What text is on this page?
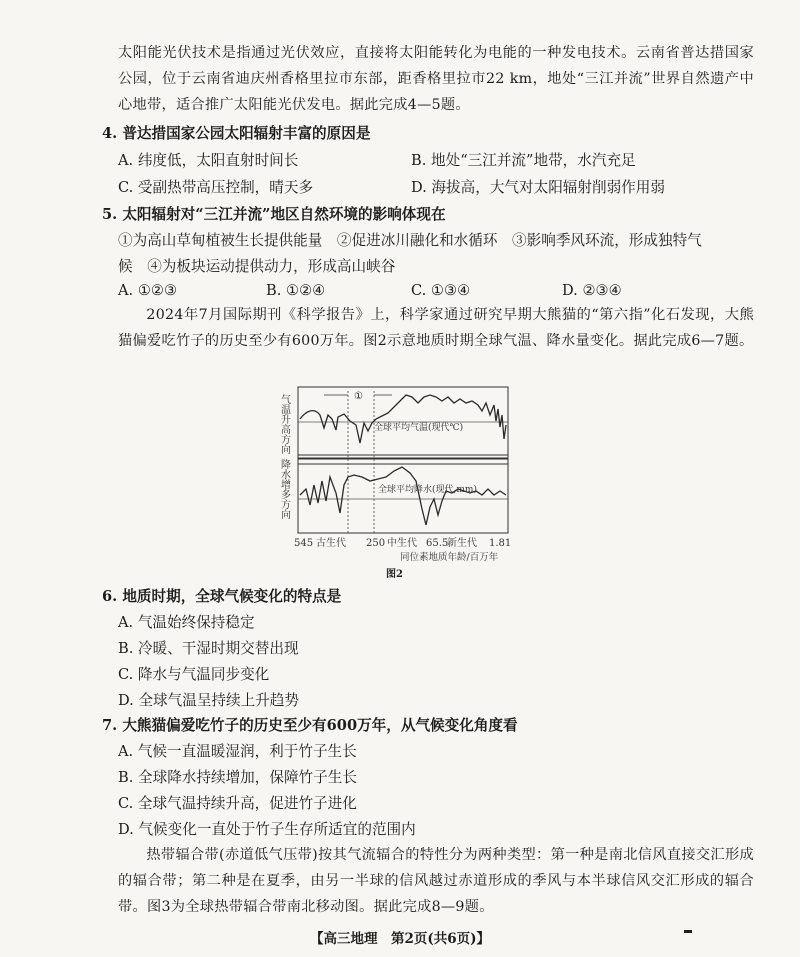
太阳能光伏技术是指通过光伏效应，直接将太阳能转化为电能的一种发电技术。云南省普达措国家公园，位于云南省迪庆州香格里拉市东部，距香格里拉市22 km，地处“三江并流”世界自然遗产中心地带，适合推广太阳能光伏发电。据此完成4—5题。
4. 普达措国家公园太阳辐射丰富的原因是
A. 纬度低，太阳直射时间长	B. 地处“三江并流”地带，水汽充足
C. 受副热带高压控制，晴天多	D. 海拔高，大气对太阳辐射削弱作用弱
5. 太阳辐射对“三江并流”地区自然环境的影响体现在
①为高山草甸植被生长提供能量　②促进冰川融化和水循环　③影响季风环流，形成独特气
候　④为板块运动提供动力，形成高山峡谷
A. ①②③	B. ①②④	C. ①③④	D. ②③④
2024年7月国际期刊《科学报告》上，科学家通过研究早期大熊猫的“第六指”化石发现，大熊猫偏爱吃竹子的历史至少有600万年。图2示意地质时期全球气温、降水量变化。据此完成6—7题。
气温升高方向
降水增多方向
①
全球平均气温(现代℃)
全球平均降水(现代,mm)
545 古生代 250 中生代 65.5
新生代 1.81
同位素地质年龄/百万年
图2
6. 地质时期，全球气候变化的特点是
A. 气温始终保持稳定
B. 冷暖、干湿时期交替出现
C. 降水与气温同步变化
D. 全球气温呈持续上升趋势
7. 大熊猫偏爱吃竹子的历史至少有600万年，从气候变化角度看
A. 气候一直温暖湿润，利于竹子生长
B. 全球降水持续增加，保障竹子生长
C. 全球气温持续升高，促进竹子进化
D. 气候变化一直处于竹子生存所适宜的范围内
热带辐合带(赤道低气压带)按其气流辐合的特性分为两种类型：第一种是南北信风直接交汇形成的辐合带；第二种是在夏季，由另一半球的信风越过赤道形成的季风与本半球信风交汇形成的辐合带。图3为全球热带辐合带南北移动图。据此完成8—9题。
【高三地理　第2页(共6页)】
